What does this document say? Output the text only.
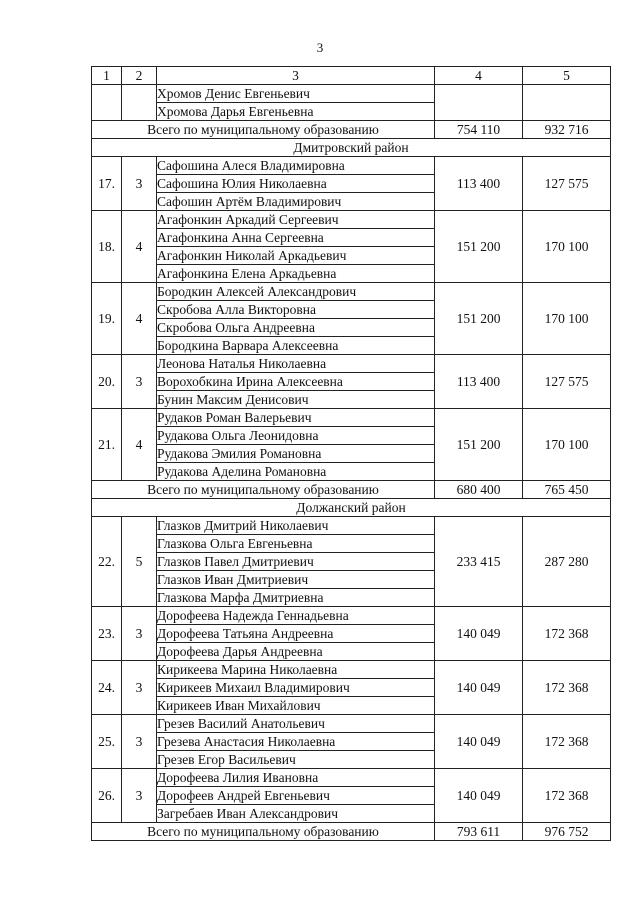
3
1	2	3	4	5
		Хромов Денис Евгеньевич		
		Хромова Дарья Евгеньевна		
Всего по муниципальному образованию			754 110	932 716
Дмитровский район				
17.	3	Сафошина Алеся Владимировна	113 400	127 575
		Сафошина Юлия Николаевна		
		Сафошин Артём Владимирович		
18.	4	Агафонкин Аркадий Сергеевич	151 200	170 100
		Агафонкина Анна Сергеевна		
		Агафонкин Николай Аркадьевич		
		Агафонкина Елена Аркадьевна		
19.	4	Бородкин Алексей Александрович	151 200	170 100
		Скробова Алла Викторовна		
		Скробова Ольга Андреевна		
		Бородкина Варвара Алексеевна		
20.	3	Леонова Наталья Николаевна	113 400	127 575
		Ворохобкина Ирина Алексеевна		
		Бунин Максим Денисович		
21.	4	Рудаков Роман Валерьевич	151 200	170 100
		Рудакова Ольга Леонидовна		
		Рудакова Эмилия Романовна		
		Рудакова Аделина Романовна		
Всего по муниципальному образованию			680 400	765 450
Должанский район				
22.	5	Глазков Дмитрий Николаевич	233 415	287 280
		Глазкова Ольга Евгеньевна		
		Глазков Павел Дмитриевич		
		Глазков Иван Дмитриевич		
		Глазкова Марфа Дмитриевна		
23.	3	Дорофеева Надежда Геннадьевна	140 049	172 368
		Дорофеева Татьяна Андреевна		
		Дорофеева Дарья Андреевна		
24.	3	Кирикеева Марина Николаевна	140 049	172 368
		Кирикеев Михаил Владимирович		
		Кирикеев Иван Михайлович		
25.	3	Грезев Василий Анатольевич	140 049	172 368
		Грезева Анастасия Николаевна		
		Грезев Егор Васильевич		
26.	3	Дорофеева Лилия Ивановна	140 049	172 368
		Дорофеев Андрей Евгеньевич		
		Загребаев Иван Александрович		
Всего по муниципальному образованию			793 611	976 752
